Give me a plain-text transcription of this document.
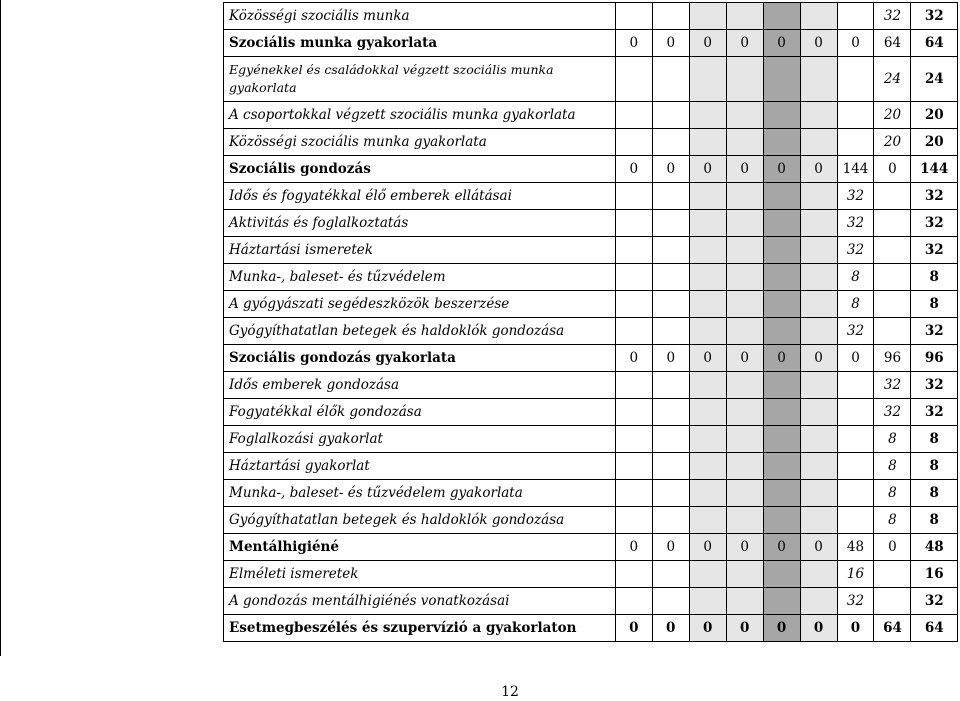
Közösségi szociális munka								32	32
Szociális munka gyakorlata	0	0	0	0	0	0	0	64	64
Egyénekkel és családokkal végzett szociális munka gyakorlata								24	24
A csoportokkal végzett szociális munka gyakorlata								20	20
Közösségi szociális munka gyakorlata								20	20
Szociális gondozás	0	0	0	0	0	0	144	0	144
Idős és fogyatékkal élő emberek ellátásai							32		32
Aktivitás és foglalkoztatás							32		32
Háztartási ismeretek							32		32
Munka-, baleset- és tűzvédelem							8		8
A gyógyászati segédeszközök beszerzése							8		8
Gyógyíthatatlan betegek és haldoklók gondozása							32		32
Szociális gondozás gyakorlata	0	0	0	0	0	0	0	96	96
Idős emberek gondozása								32	32
Fogyatékkal élők gondozása								32	32
Foglalkozási gyakorlat								8	8
Háztartási gyakorlat								8	8
Munka-, baleset- és tűzvédelem gyakorlata								8	8
Gyógyíthatatlan betegek és haldoklók gondozása								8	8
Mentálhigiéné	0	0	0	0	0	0	48	0	48
Elméleti ismeretek							16		16
A gondozás mentálhigiénés vonatkozásai							32		32
Esetmegbeszélés és szupervízió a gyakorlaton	0	0	0	0	0	0	0	64	64
12
